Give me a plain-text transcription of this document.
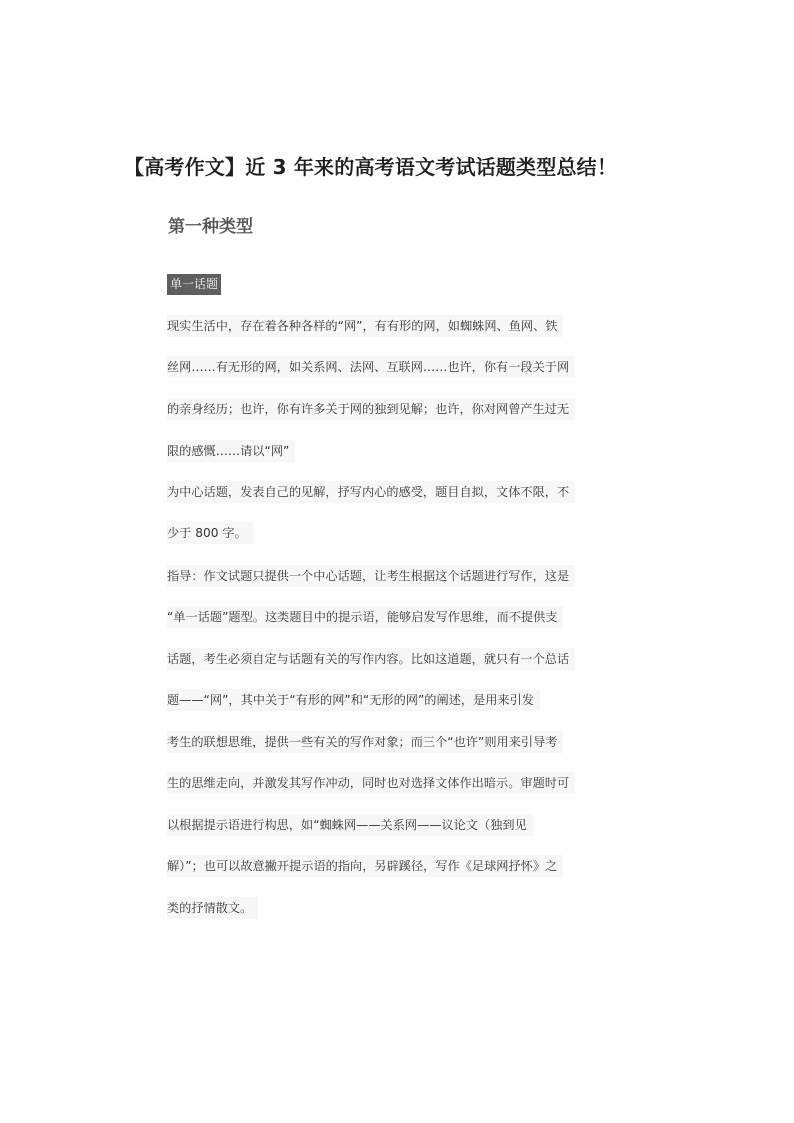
【高考作文】近 3 年来的高考语文考试话题类型总结！
第一种类型
单一话题
现实生活中，存在着各种各样的“网”，有有形的网，如蜘蛛网、鱼网、铁
丝网……有无形的网，如关系网、法网、互联网……也许，你有一段关于网
的亲身经历；也许，你有许多关于网的独到见解；也许，你对网曾产生过无
限的感慨……请以“网”
为中心话题，发表自己的见解，抒写内心的感受，题目自拟，文体不限，不
少于 800 字。
指导：作文试题只提供一个中心话题，让考生根据这个话题进行写作，这是
“单一话题”题型。这类题目中的提示语，能够启发写作思维，而不提供支
话题，考生必须自定与话题有关的写作内容。比如这道题，就只有一个总话
题——“网”，其中关于“有形的网”和“无形的网”的阐述，是用来引发
考生的联想思维，提供一些有关的写作对象；而三个“也许”则用来引导考
生的思维走向，并激发其写作冲动，同时也对选择文体作出暗示。审题时可
以根据提示语进行构思，如“蜘蛛网——关系网——议论文（独到见
解）”；也可以故意撇开提示语的指向，另辟蹊径，写作《足球网抒怀》之
类的抒情散文。
